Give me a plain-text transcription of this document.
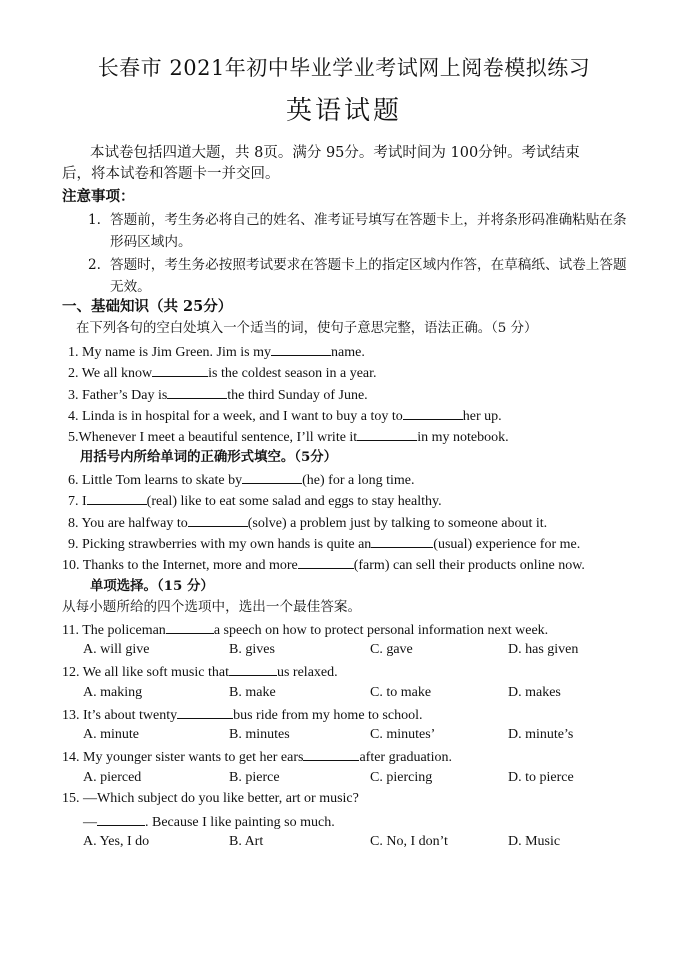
长春市 2021年初中毕业学业考试网上阅卷模拟练习
英语试题
本试卷包括四道大题，共 8页。满分 95分。考试时间为 100分钟。考试结束
后，将本试卷和答题卡一并交回。
注意事项：
1. 答题前，考生务必将自己的姓名、准考证号填写在答题卡上，并将条形码准确粘贴在条
形码区域内。
2. 答题时，考生务必按照考试要求在答题卡上的指定区域内作答，在草稿纸、试卷上答题
无效。
一、基础知识（共 25分）
在下列各句的空白处填入一个适当的词，使句子意思完整，语法正确。（5 分）
1. My name is Jim Green. Jim is my	name.
2. We all know	is the coldest season in a year.
3. Father’s Day is	the third Sunday of June.
4. Linda is in hospital for a week, and I want to buy a toy to	her up.
5.Whenever I meet a beautiful sentence, I’ll write it	in my notebook.
用括号内所给单词的正确形式填空。（5分）
6. Little Tom learns to skate by	(he) for a long time.
7. I	(real) like to eat some salad and eggs to stay healthy.
8. You are halfway to	(solve) a problem just by talking to someone about it.
9. Picking strawberries with my own hands is quite an	(usual) experience for me.
10. Thanks to the Internet, more and more	(farm) can sell their products online now.
单项选择。（15 分）
从每小题所给的四个选项中，选出一个最佳答案。
11. The policeman	a speech on how to protect personal information next week.
A. will give	B. gives	C. gave	D. has given
12. We all like soft music that	us relaxed.
A. making	B. make	C. to make	D. makes
13. It’s about twenty	bus ride from my home to school.
A. minute	B. minutes	C. minutes’	D. minute’s
14. My younger sister wants to get her ears	after graduation.
A. pierced	B. pierce	C. piercing	D. to pierce
15. —Which subject do you like better, art or music?
—	. Because I like painting so much.
A. Yes, I do	B. Art	C. No, I don’t	D. Music
